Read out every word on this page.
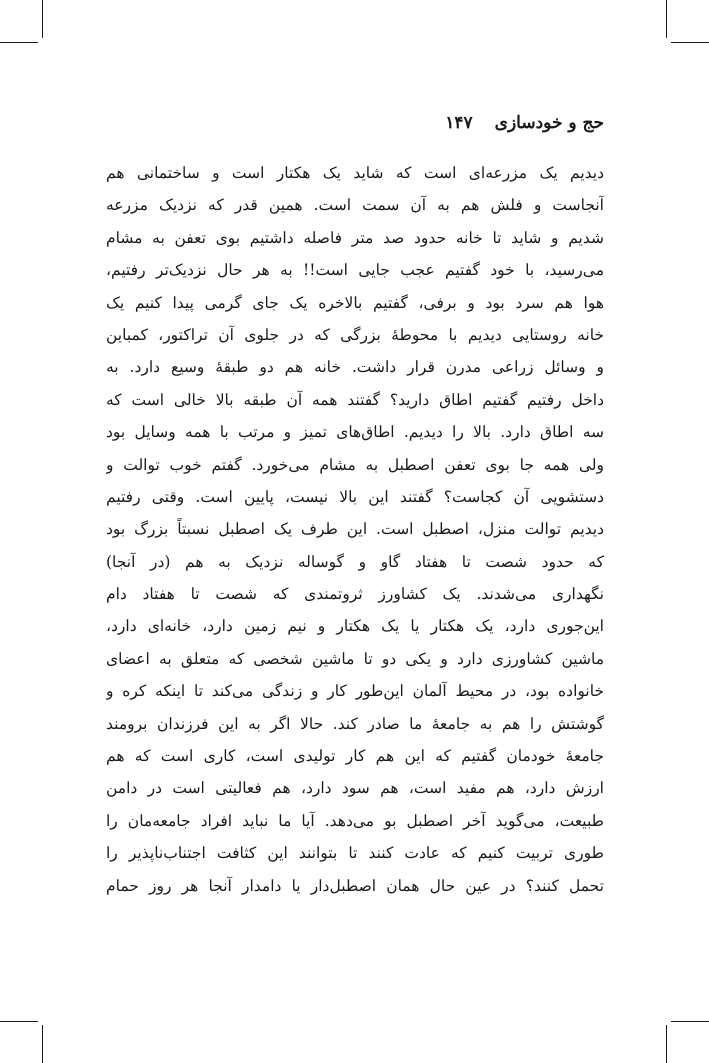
حج و خودسازی
۱۴۷
دیدیم یک مزرعه‌ای است که شاید یک هکتار است و ساختمانی هم
آنجاست و فلش هم به آن سمت است. همین قدر که نزدیک مزرعه
شدیم و شاید تا خانه حدود صد متر فاصله داشتیم بوی تعفن به مشام
می‌رسید، با خود گفتیم عجب جایی است!! به هر حال نزدیک‌تر رفتیم،
هوا هم سرد بود و برفی، گفتیم بالاخره یک جای گرمی پیدا کنیم یک
خانه روستایی دیدیم با محوطۀ بزرگی که در جلوی آن تراکتور، کمباین
و وسائل زراعی مدرن قرار داشت. خانه هم دو طبقۀ وسیع دارد. به
داخل رفتیم گفتیم اطاق دارید؟ گفتند همه آن طبقه بالا خالی است که
سه اطاق دارد. بالا را دیدیم. اطاق‌های تمیز و مرتب با همه وسایل بود
ولی همه جا بوی تعفن اصطبل به مشام می‌خورد. گفتم خوب توالت و
دستشویی آن کجاست؟ گفتند این بالا نیست، پایین است. وقتی رفتیم
دیدیم توالت منزل، اصطبل است. این طرف یک اصطبل نسبتاً بزرگ بود
که حدود شصت تا هفتاد گاو و گوساله نزدیک به هم (در آنجا)
نگهداری می‌شدند. یک کشاورز ثروتمندی که شصت تا هفتاد دام
این‌جوری دارد، یک هکتار یا یک هکتار و نیم زمین دارد، خانه‌ای دارد،
ماشین کشاورزی دارد و یکی دو تا ماشین شخصی که متعلق به اعضای
خانواده بود، در محیط آلمان این‌طور کار و زندگی می‌کند تا اینکه کره و
گوشتش را هم به جامعۀ ما صادر کند. حالا اگر به این فرزندان برومند
جامعۀ خودمان گفتیم که این هم کار تولیدی است، کاری است که هم
ارزش دارد، هم مفید است، هم سود دارد، هم فعالیتی است در دامن
طبیعت، می‌گوید آخر اصطبل بو می‌دهد. آیا ما نباید افراد جامعه‌مان را
طوری تربیت کنیم که عادت کنند تا بتوانند این کثافت اجتناب‌ناپذیر را
تحمل کنند؟ در عین حال همان اصطبل‌دار یا دامدار آنجا هر روز حمام
